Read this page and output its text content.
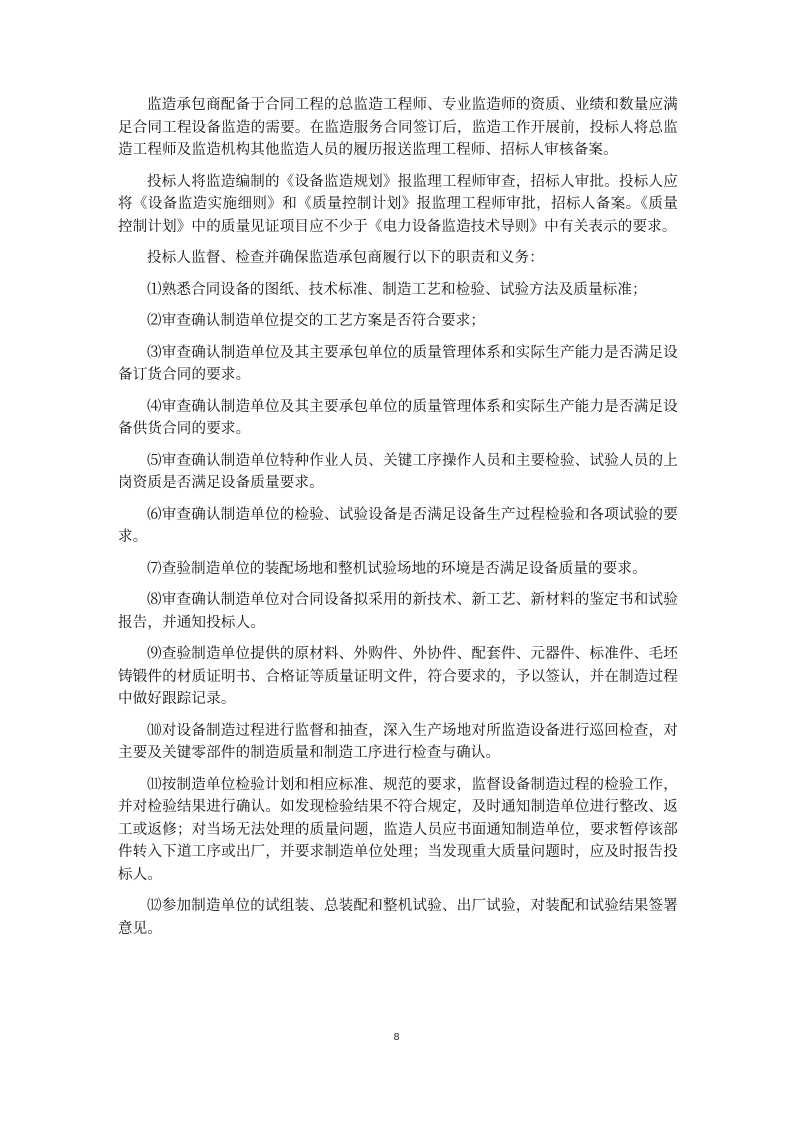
监造承包商配备于合同工程的总监造工程师、专业监造师的资质、业绩和数量应满足合同工程设备监造的需要。在监造服务合同签订后，监造工作开展前，投标人将总监造工程师及监造机构其他监造人员的履历报送监理工程师、招标人审核备案。

投标人将监造编制的《设备监造规划》报监理工程师审查，招标人审批。投标人应将《设备监造实施细则》和《质量控制计划》报监理工程师审批，招标人备案。《质量控制计划》中的质量见证项目应不少于《电力设备监造技术导则》中有关表示的要求。

投标人监督、检查并确保监造承包商履行以下的职责和义务：

⑴熟悉合同设备的图纸、技术标准、制造工艺和检验、试验方法及质量标准；

⑵审查确认制造单位提交的工艺方案是否符合要求；

⑶审查确认制造单位及其主要承包单位的质量管理体系和实际生产能力是否满足设备订货合同的要求。

⑷审查确认制造单位及其主要承包单位的质量管理体系和实际生产能力是否满足设备供货合同的要求。

⑸审查确认制造单位特种作业人员、关键工序操作人员和主要检验、试验人员的上岗资质是否满足设备质量要求。

⑹审查确认制造单位的检验、试验设备是否满足设备生产过程检验和各项试验的要求。

⑺查验制造单位的装配场地和整机试验场地的环境是否满足设备质量的要求。

⑻审查确认制造单位对合同设备拟采用的新技术、新工艺、新材料的鉴定书和试验报告，并通知投标人。

⑼查验制造单位提供的原材料、外购件、外协件、配套件、元器件、标准件、毛坯铸锻件的材质证明书、合格证等质量证明文件，符合要求的，予以签认，并在制造过程中做好跟踪记录。

⑽对设备制造过程进行监督和抽查，深入生产场地对所监造设备进行巡回检查，对主要及关键零部件的制造质量和制造工序进行检查与确认。

⑾按制造单位检验计划和相应标准、规范的要求，监督设备制造过程的检验工作，并对检验结果进行确认。如发现检验结果不符合规定，及时通知制造单位进行整改、返工或返修；对当场无法处理的质量问题，监造人员应书面通知制造单位，要求暂停该部件转入下道工序或出厂，并要求制造单位处理；当发现重大质量问题时，应及时报告投标人。

⑿参加制造单位的试组装、总装配和整机试验、出厂试验，对装配和试验结果签署意见。

8
